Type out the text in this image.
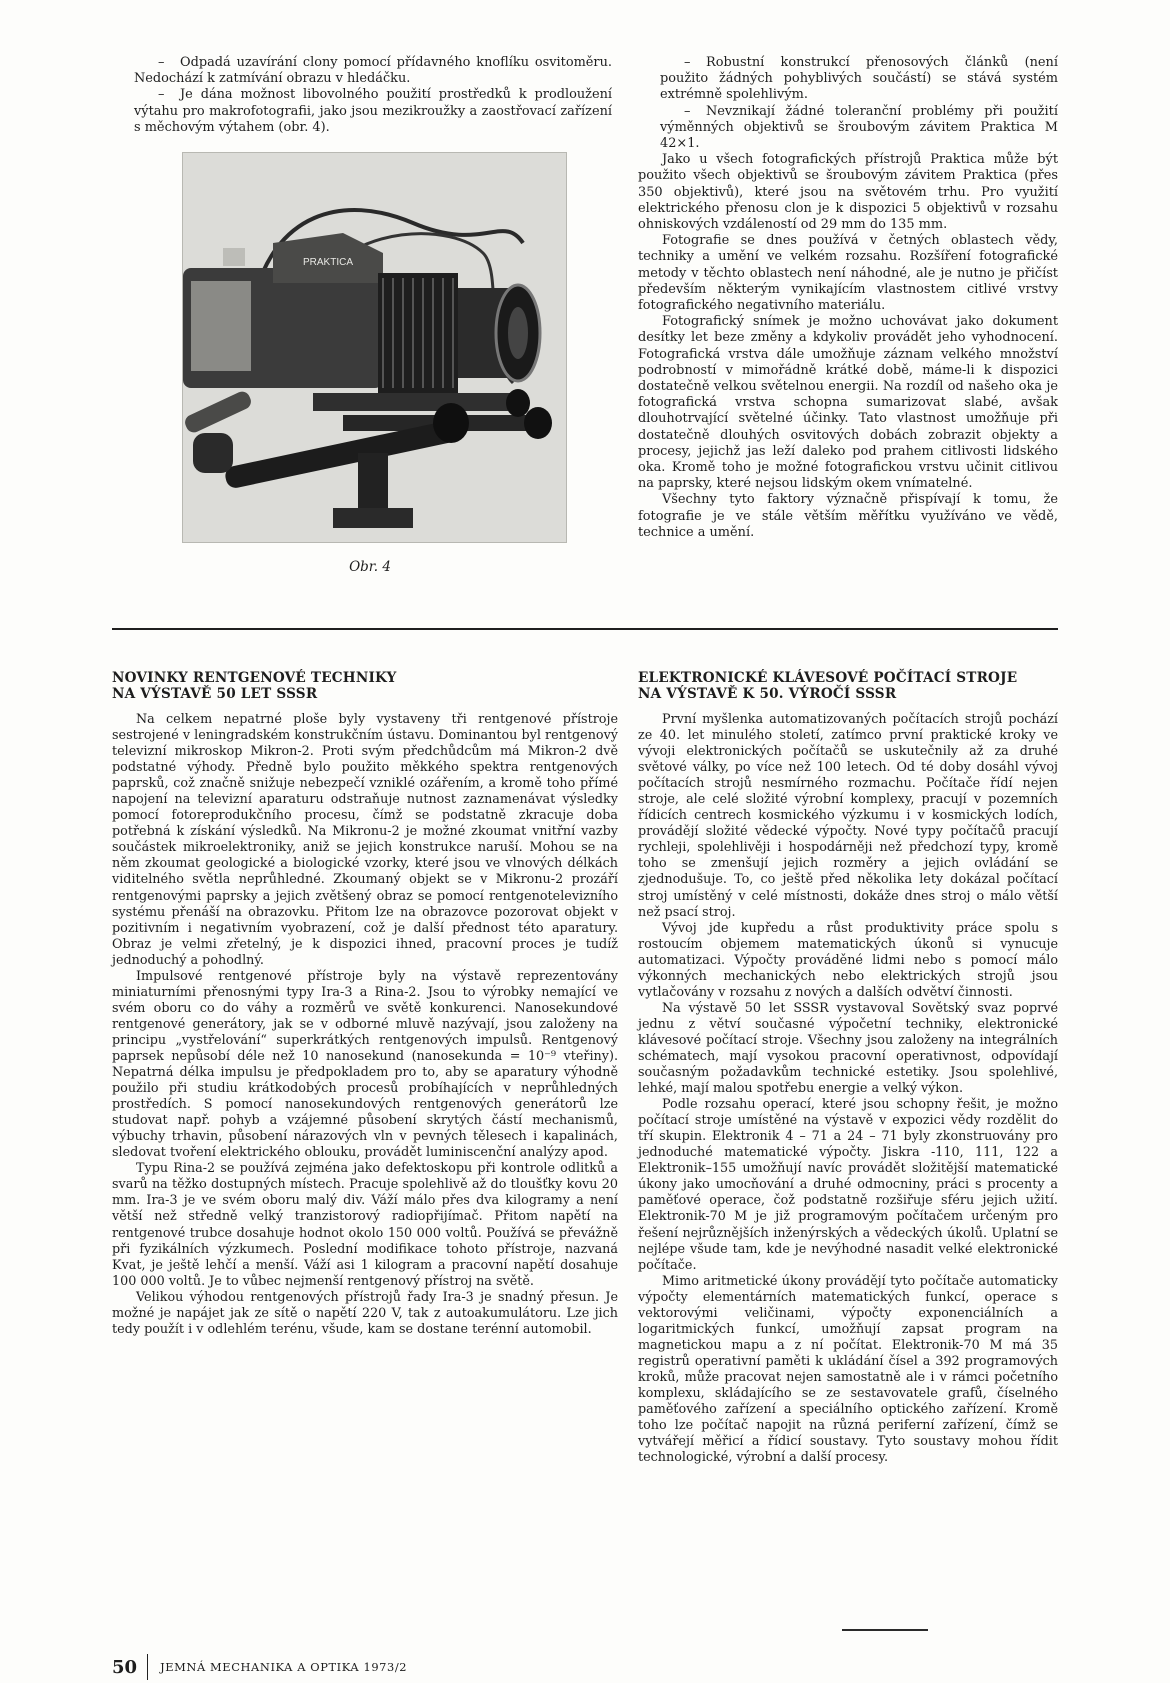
– Odpadá uzavírání clony pomocí přídavného knoflíku osvitoměru. Nedochází k zatmívání obrazu v hledáčku.

– Je dána možnost libovolného použití prostředků k prodloužení výtahu pro makrofotografii, jako jsou mezikroužky a zaostřovací zařízení s měchovým výtahem (obr. 4).

PRAKTICA
Obr. 4

– Robustní konstrukcí přenosových článků (není použito žádných pohyblivých součástí) se stává systém extrémně spolehlivým.

– Nevznikají žádné toleranční problémy při použití výměnných objektivů se šroubovým závitem Praktica M 42×1.

Jako u všech fotografických přístrojů Praktica může být použito všech objektivů se šroubovým závitem Praktica (přes 350 objektivů), které jsou na světovém trhu. Pro využití elektrického přenosu clon je k dispozici 5 objektivů v rozsahu ohniskových vzdáleností od 29 mm do 135 mm.

Fotografie se dnes používá v četných oblastech vědy, techniky a umění ve velkém rozsahu. Rozšíření fotografické metody v těchto oblastech není náhodné, ale je nutno je přičíst především některým vynikajícím vlastnostem citlivé vrstvy fotografického negativního materiálu.

Fotografický snímek je možno uchovávat jako dokument desítky let beze změny a kdykoliv provádět jeho vyhodnocení. Fotografická vrstva dále umožňuje záznam velkého množství podrobností v mimořádně krátké době, máme-li k dispozici dostatečně velkou světelnou energii. Na rozdíl od našeho oka je fotografická vrstva schopna sumarizovat slabé, avšak dlouhotrvající světelné účinky. Tato vlastnost umožňuje při dostatečně dlouhých osvitových dobách zobrazit objekty a procesy, jejichž jas leží daleko pod prahem citlivosti lidského oka. Kromě toho je možné fotografickou vrstvu učinit citlivou na paprsky, které nejsou lidským okem vnímatelné.

Všechny tyto faktory význačně přispívají k tomu, že fotografie je ve stále větším měřítku využíváno ve vědě, technice a umění.

NOVINKY RENTGENOVÉ TECHNIKY
NA VÝSTAVĚ 50 LET SSSR

Na celkem nepatrné ploše byly vystaveny tři rentgenové přístroje sestrojené v leningradském konstrukčním ústavu. Dominantou byl rentgenový televizní mikroskop Mikron-2. Proti svým předchůdcům má Mikron-2 dvě podstatné výhody. Předně bylo použito měkkého spektra rentgenových paprsků, což značně snižuje nebezpečí vzniklé ozářením, a kromě toho přímé napojení na televizní aparaturu odstraňuje nutnost zaznamenávat výsledky pomocí fotoreprodukčního procesu, čímž se podstatně zkracuje doba potřebná k získání výsledků. Na Mikronu-2 je možné zkoumat vnitřní vazby součástek mikroelektroniky, aniž se jejich konstrukce naruší. Mohou se na něm zkoumat geologické a biologické vzorky, které jsou ve vlnových délkách viditelného světla neprůhledné. Zkoumaný objekt se v Mikronu-2 prozáří rentgenovými paprsky a jejich zvětšený obraz se pomocí rentgenotelevizního systému přenáší na obrazovku. Přitom lze na obrazovce pozorovat objekt v pozitivním i negativním vyobrazení, což je další přednost této aparatury. Obraz je velmi zřetelný, je k dispozici ihned, pracovní proces je tudíž jednoduchý a pohodlný.

Impulsové rentgenové přístroje byly na výstavě reprezentovány miniaturními přenosnými typy Ira-3 a Rina-2. Jsou to výrobky nemající ve svém oboru co do váhy a rozměrů ve světě konkurenci. Nanosekundové rentgenové generátory, jak se v odborné mluvě nazývají, jsou založeny na principu „vystřelování“ superkrátkých rentgenových impulsů. Rentgenový paprsek nepůsobí déle než 10 nanosekund (nanosekunda = 10⁻⁹ vteřiny). Nepatrná délka impulsu je předpokladem pro to, aby se aparatury výhodně použilo při studiu krátkodobých procesů probíhajících v neprůhledných prostředích. S pomocí nanosekundových rentgenových generátorů lze studovat např. pohyb a vzájemné působení skrytých částí mechanismů, výbuchy trhavin, působení nárazových vln v pevných tělesech i kapalinách, sledovat tvoření elektrického oblouku, provádět luminiscenční analýzy apod.

Typu Rina-2 se používá zejména jako defektoskopu při kontrole odlitků a svarů na těžko dostupných místech. Pracuje spolehlivě až do tloušťky kovu 20 mm. Ira-3 je ve svém oboru malý div. Váží málo přes dva kilogramy a není větší než středně velký tranzistorový radiopřijímač. Přitom napětí na rentgenové trubce dosahuje hodnot okolo 150 000 voltů. Používá se převážně při fyzikálních výzkumech. Poslední modifikace tohoto přístroje, nazvaná Kvat, je ještě lehčí a menší. Váží asi 1 kilogram a pracovní napětí dosahuje 100 000 voltů. Je to vůbec nejmenší rentgenový přístroj na světě.

Velikou výhodou rentgenových přístrojů řady Ira-3 je snadný přesun. Je možné je napájet jak ze sítě o napětí 220 V, tak z autoakumulátoru. Lze jich tedy použít i v odlehlém terénu, všude, kam se dostane terénní automobil.

ELEKTRONICKÉ KLÁVESOVÉ POČÍTACÍ STROJE
NA VÝSTAVĚ K 50. VÝROČÍ SSSR

První myšlenka automatizovaných počítacích strojů pochází ze 40. let minulého století, zatímco první praktické kroky ve vývoji elektronických počítačů se uskutečnily až za druhé světové války, po více než 100 letech. Od té doby dosáhl vývoj počítacích strojů nesmírného rozmachu. Počítače řídí nejen stroje, ale celé složité výrobní komplexy, pracují v pozemních řídicích centrech kosmického výzkumu i v kosmických lodích, provádějí složité vědecké výpočty. Nové typy počítačů pracují rychleji, spolehlivěji i hospodárněji než předchozí typy, kromě toho se zmenšují jejich rozměry a jejich ovládání se zjednodušuje. To, co ještě před několika lety dokázal počítací stroj umístěný v celé místnosti, dokáže dnes stroj o málo větší než psací stroj.

Vývoj jde kupředu a růst produktivity práce spolu s rostoucím objemem matematických úkonů si vynucuje automatizaci. Výpočty prováděné lidmi nebo s pomocí málo výkonných mechanických nebo elektrických strojů jsou vytlačovány v rozsahu z nových a dalších odvětví činnosti.

Na výstavě 50 let SSSR vystavoval Sovětský svaz poprvé jednu z větví současné výpočetní techniky, elektronické klávesové počítací stroje. Všechny jsou založeny na integrálních schématech, mají vysokou pracovní operativnost, odpovídají současným požadavkům technické estetiky. Jsou spolehlivé, lehké, mají malou spotřebu energie a velký výkon.

Podle rozsahu operací, které jsou schopny řešit, je možno počítací stroje umístěné na výstavě v expozici vědy rozdělit do tří skupin. Elektronik 4 – 71 a 24 – 71 byly zkonstruovány pro jednoduché matematické výpočty. Jiskra -110, 111, 122 a Elektronik–155 umožňují navíc provádět složitější matematické úkony jako umocňování a druhé odmocniny, práci s procenty a paměťové operace, čož podstatně rozšiřuje sféru jejich užití. Elektronik-70 M je již programovým počítačem určeným pro řešení nejrůznějších inženýrských a vědeckých úkolů. Uplatní se nejlépe všude tam, kde je nevýhodné nasadit velké elektronické počítače.

Mimo aritmetické úkony provádějí tyto počítače automaticky výpočty elementárních matematických funkcí, operace s vektorovými veličinami, výpočty exponenciálních a logaritmických funkcí, umožňují zapsat program na magnetickou mapu a z ní počítat. Elektronik-70 M má 35 registrů operativní paměti k ukládání čísel a 392 programových kroků, může pracovat nejen samostatně ale i v rámci početního komplexu, skládajícího se ze sestavovatele grafů, číselného paměťového zařízení a speciálního optického zařízení. Kromě toho lze počítač napojit na různá periferní zařízení, čímž se vytvářejí měřicí a řídicí soustavy. Tyto soustavy mohou řídit technologické, výrobní a další procesy.

50 JEMNÁ MECHANIKA A OPTIKA 1973/2
